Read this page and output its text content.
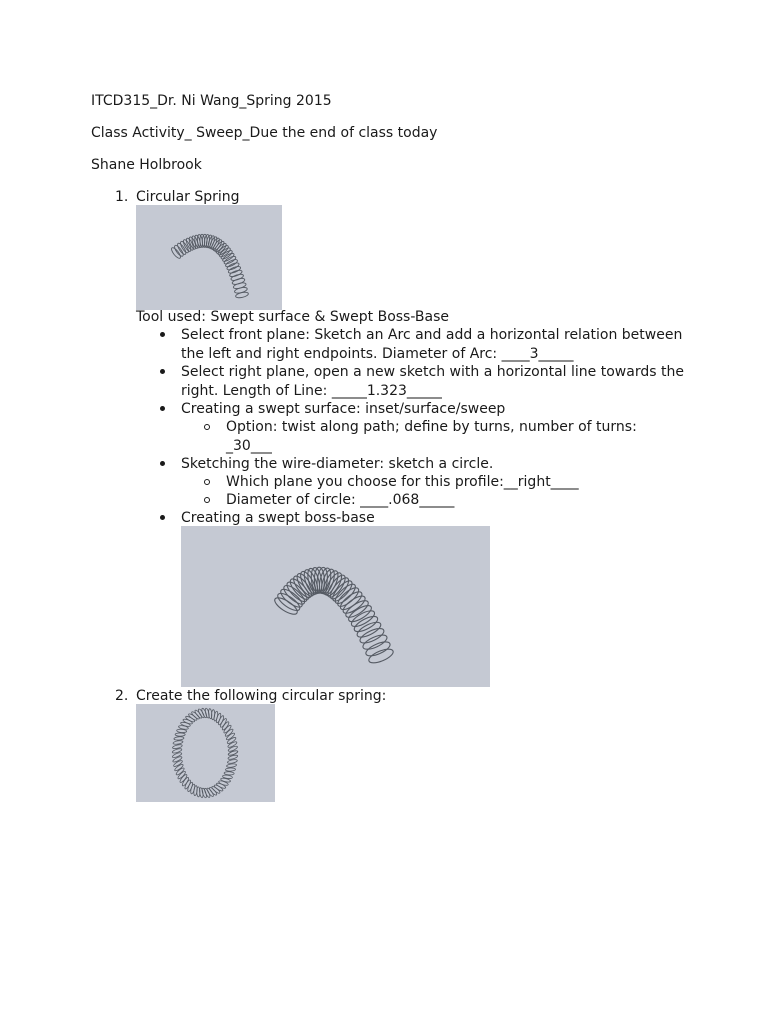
ITCD315_Dr. Ni Wang_Spring 2015
Class Activity_ Sweep_Due the end of class today
Shane Holbrook
1. Circular Spring
Tool used: Swept surface & Swept Boss-Base
Select front plane: Sketch an Arc and add a horizontal relation between
the left and right endpoints. Diameter of Arc: ____3_____
Select right plane, open a new sketch with a horizontal line towards the
right. Length of Line: _____1.323_____
Creating a swept surface: inset/surface/sweep
Option: twist along path; define by turns, number of turns:
_30___
Sketching the wire-diameter: sketch a circle.
Which plane you choose for this profile:__right____
Diameter of circle: ____.068_____
Creating a swept boss-base
2. Create the following circular spring:
